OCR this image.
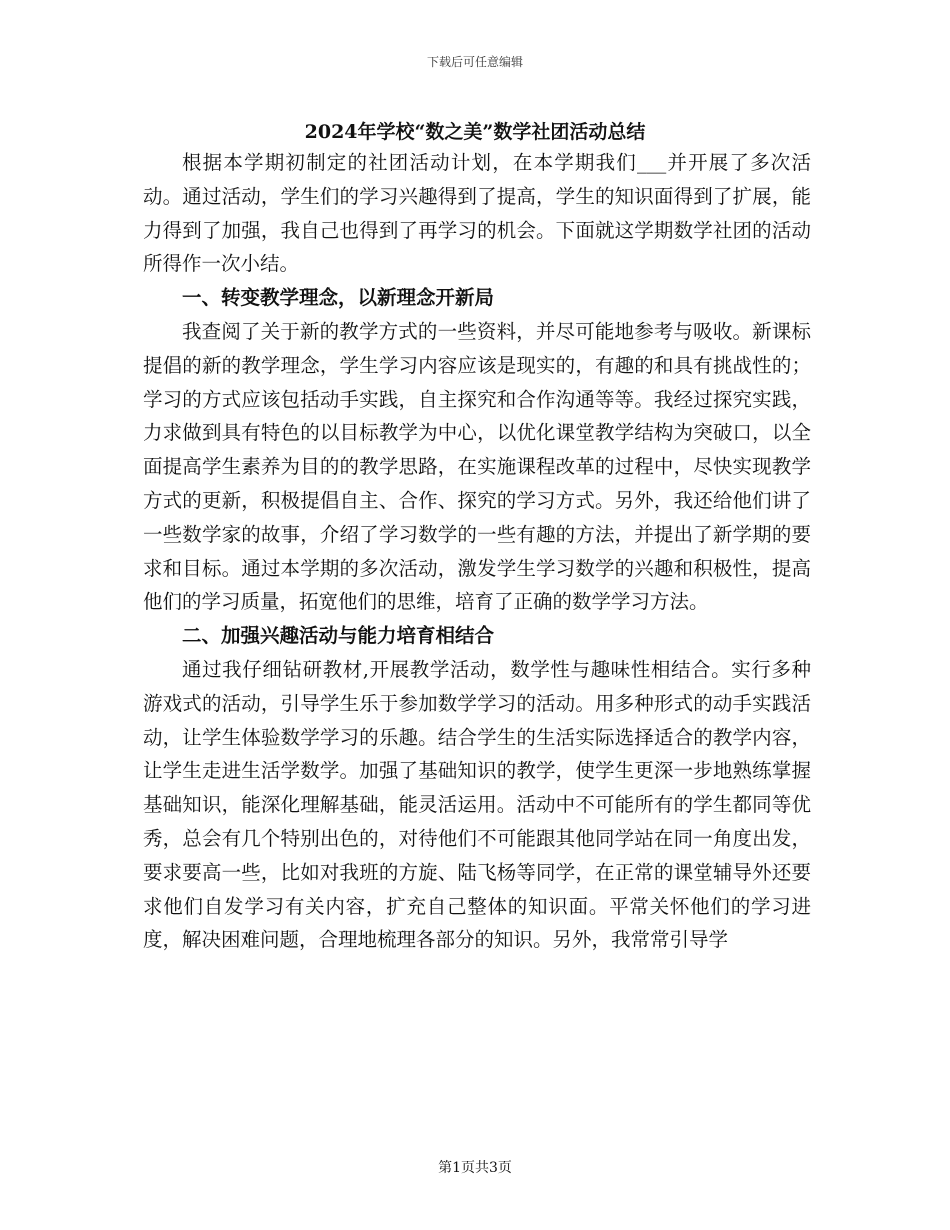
下载后可任意编辑
2024年学校“数之美”数学社团活动总结

根据本学期初制定的社团活动计划，在本学期我们___并开展了多次活动。通过活动，学生们的学习兴趣得到了提高，学生的知识面得到了扩展，能力得到了加强，我自己也得到了再学习的机会。下面就这学期数学社团的活动所得作一次小结。

一、转变教学理念，以新理念开新局

我查阅了关于新的教学方式的一些资料，并尽可能地参考与吸收。新课标提倡的新的教学理念，学生学习内容应该是现实的，有趣的和具有挑战性的；学习的方式应该包括动手实践，自主探究和合作沟通等等。我经过探究实践，力求做到具有特色的以目标教学为中心，以优化课堂教学结构为突破口，以全面提高学生素养为目的的教学思路，在实施课程改革的过程中，尽快实现教学方式的更新，积极提倡自主、合作、探究的学习方式。另外，我还给他们讲了一些数学家的故事，介绍了学习数学的一些有趣的方法，并提出了新学期的要求和目标。通过本学期的多次活动，激发学生学习数学的兴趣和积极性，提高他们的学习质量，拓宽他们的思维，培育了正确的数学学习方法。

二、加强兴趣活动与能力培育相结合

通过我仔细钻研教材,开展教学活动，数学性与趣味性相结合。实行多种游戏式的活动，引导学生乐于参加数学学习的活动。用多种形式的动手实践活动，让学生体验数学学习的乐趣。结合学生的生活实际选择适合的教学内容，让学生走进生活学数学。加强了基础知识的教学，使学生更深一步地熟练掌握基础知识，能深化理解基础，能灵活运用。活动中不可能所有的学生都同等优秀，总会有几个特别出色的，对待他们不可能跟其他同学站在同一角度出发，要求要高一些，比如对我班的方旋、陆飞杨等同学，在正常的课堂辅导外还要求他们自发学习有关内容，扩充自己整体的知识面。平常关怀他们的学习进度，解决困难问题，合理地梳理各部分的知识。另外，我常常引导学

第1页共3页
